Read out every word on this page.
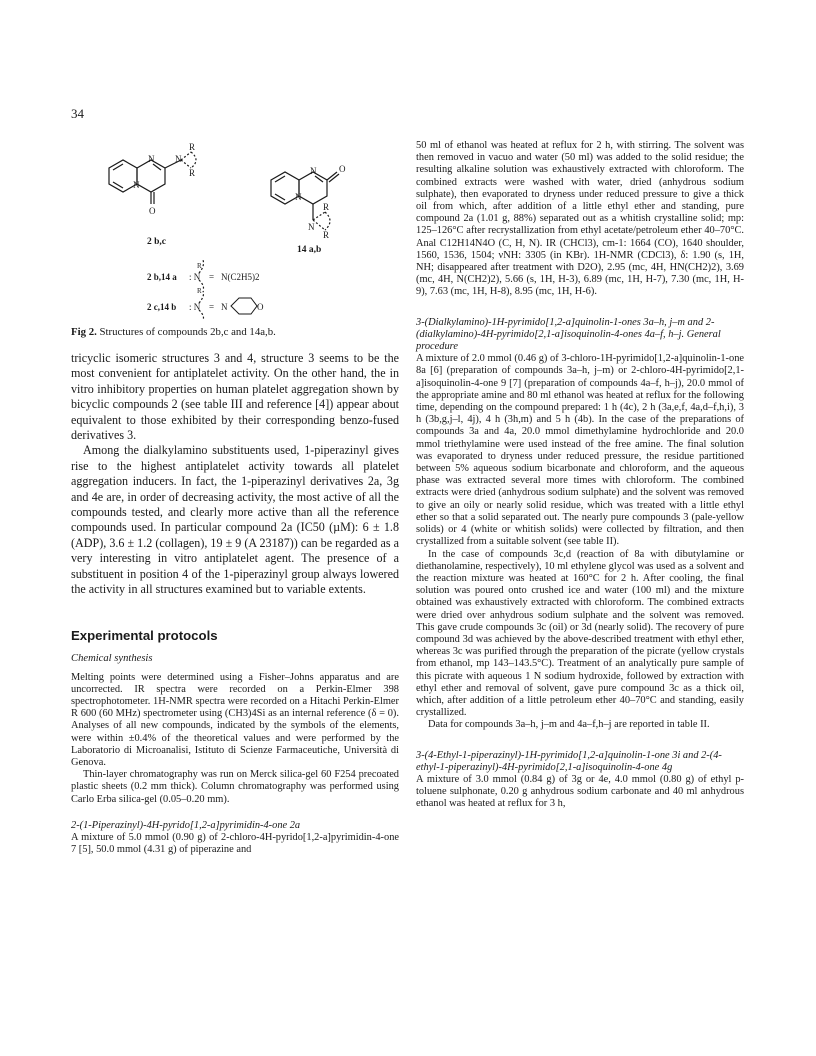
34
N
N
N
R
R
O
N
N
O
N
R
R
2 b,c
14 a,b
2 b,14 a : N = N(C2H5)2
2 c,14 b : N = N	O
R
R

Fig 2. Structures of compounds 2b,c and 14a,b.

tricyclic isomeric structures 3 and 4, structure 3 seems to be the most convenient for antiplatelet activity. On the other hand, the in vitro inhibitory properties on human platelet aggregation shown by bicyclic compounds 2 (see table III and reference [4]) appear about equivalent to those exhibited by their corresponding benzo-fused derivatives 3.

Among the dialkylamino substituents used, 1-piperazinyl gives rise to the highest antiplatelet activity towards all platelet aggregation inducers. In fact, the 1-piperazinyl derivatives 2a, 3g and 4e are, in order of decreasing activity, the most active of all the compounds tested, and clearly more active than all the reference compounds used. In particular compound 2a (IC50 (µM): 6 ± 1.8 (ADP), 3.6 ± 1.2 (collagen), 19 ± 9 (A 23187)) can be regarded as a very interesting in vitro antiplatelet agent. The presence of a substituent in position 4 of the 1-piperazinyl group always lowered the activity in all structures examined but to variable extents.

Experimental protocols
Chemical synthesis

Melting points were determined using a Fisher–Johns apparatus and are uncorrected. IR spectra were recorded on a Perkin-Elmer 398 spectrophotometer. 1H-NMR spectra were recorded on a Hitachi Perkin-Elmer R 600 (60 MHz) spectrometer using (CH3)4Si as an internal reference (δ = 0). Analyses of all new compounds, indicated by the symbols of the elements, were within ±0.4% of the theoretical values and were performed by the Laboratorio di Microanalisi, Istituto di Scienze Farmaceutiche, Università di Genova.

Thin-layer chromatography was run on Merck silica-gel 60 F254 precoated plastic sheets (0.2 mm thick). Column chromatography was performed using Carlo Erba silica-gel (0.05–0.20 mm).

2-(1-Piperazinyl)-4H-pyrido[1,2-a]pyrimidin-4-one 2a

A mixture of 5.0 mmol (0.90 g) of 2-chloro-4H-pyrido[1,2-a]pyrimidin-4-one 7 [5], 50.0 mmol (4.31 g) of piperazine and

50 ml of ethanol was heated at reflux for 2 h, with stirring. The solvent was then removed in vacuo and water (50 ml) was added to the solid residue; the resulting alkaline solution was exhaustively extracted with chloroform. The combined extracts were washed with water, dried (anhydrous sodium sulphate), then evaporated to dryness under reduced pressure to give a thick oil from which, after addition of a little ethyl ether and standing, pure compound 2a (1.01 g, 88%) separated out as a whitish crystalline solid; mp: 125–126°C after recrystallization from ethyl acetate/petroleum ether 40–70°C. Anal C12H14N4O (C, H, N). IR (CHCl3), cm-1: 1664 (CO), 1640 shoulder, 1560, 1536, 1504; νNH: 3305 (in KBr). 1H-NMR (CDCl3), δ: 1.90 (s, 1H, NH; disappeared after treatment with D2O), 2.95 (mc, 4H, HN(CH2)2), 3.69 (mc, 4H, N(CH2)2), 5.66 (s, 1H, H-3), 6.89 (mc, 1H, H-7), 7.30 (mc, 1H, H-9), 7.63 (mc, 1H, H-8), 8.95 (mc, 1H, H-6).

3-(Dialkylamino)-1H-pyrimido[1,2-a]quinolin-1-ones 3a–h, j–m and 2-(dialkylamino)-4H-pyrimido[2,1-a]isoquinolin-4-ones 4a–f, h–j. General procedure

A mixture of 2.0 mmol (0.46 g) of 3-chloro-1H-pyrimido[1,2-a]quinolin-1-one 8a [6] (preparation of compounds 3a–h, j–m) or 2-chloro-4H-pyrimido[2,1-a]isoquinolin-4-one 9 [7] (preparation of compounds 4a–f, h–j), 20.0 mmol of the appropriate amine and 80 ml ethanol was heated at reflux for the following time, depending on the compound prepared: 1 h (4c), 2 h (3a,e,f, 4a,d–f,h,i), 3 h (3b,g,j–l, 4j), 4 h (3h,m) and 5 h (4b). In the case of the preparations of compounds 3a and 4a, 20.0 mmol dimethylamine hydrochloride and 20.0 mmol triethylamine were used instead of the free amine. The final solution was evaporated to dryness under reduced pressure, the residue partitioned between 5% aqueous sodium bicarbonate and chloroform, and the aqueous phase was extracted several more times with chloroform. The combined extracts were dried (anhydrous sodium sulphate) and the solvent was removed to give an oily or nearly solid residue, which was treated with a little ethyl ether so that a solid separated out. The nearly pure compounds 3 (pale-yellow solids) or 4 (white or whitish solids) were collected by filtration, and then crystallized from a suitable solvent (see table II).

In the case of compounds 3c,d (reaction of 8a with dibutylamine or diethanolamine, respectively), 10 ml ethylene glycol was used as a solvent and the reaction mixture was heated at 160°C for 2 h. After cooling, the final solution was poured onto crushed ice and water (100 ml) and the mixture obtained was exhaustively extracted with chloroform. The combined extracts were dried over anhydrous sodium sulphate and the solvent was removed. This gave crude compounds 3c (oil) or 3d (nearly solid). The recovery of pure compound 3d was achieved by the above-described treatment with ethyl ether, whereas 3c was purified through the preparation of the picrate (yellow crystals from ethanol, mp 143–143.5°C). Treatment of an analytically pure sample of this picrate with aqueous 1 N sodium hydroxide, followed by extraction with ethyl ether and removal of solvent, gave pure compound 3c as a thick oil, which, after addition of a little petroleum ether 40–70°C and standing, easily crystallized.

Data for compounds 3a–h, j–m and 4a–f,h–j are reported in table II.

3-(4-Ethyl-1-piperazinyl)-1H-pyrimido[1,2-a]quinolin-1-one 3i and 2-(4-ethyl-1-piperazinyl)-4H-pyrimido[2,1-a]isoquinolin-4-one 4g

A mixture of 3.0 mmol (0.84 g) of 3g or 4e, 4.0 mmol (0.80 g) of ethyl p-toluene sulphonate, 0.20 g anhydrous sodium carbonate and 40 ml anhydrous ethanol was heated at reflux for 3 h,
